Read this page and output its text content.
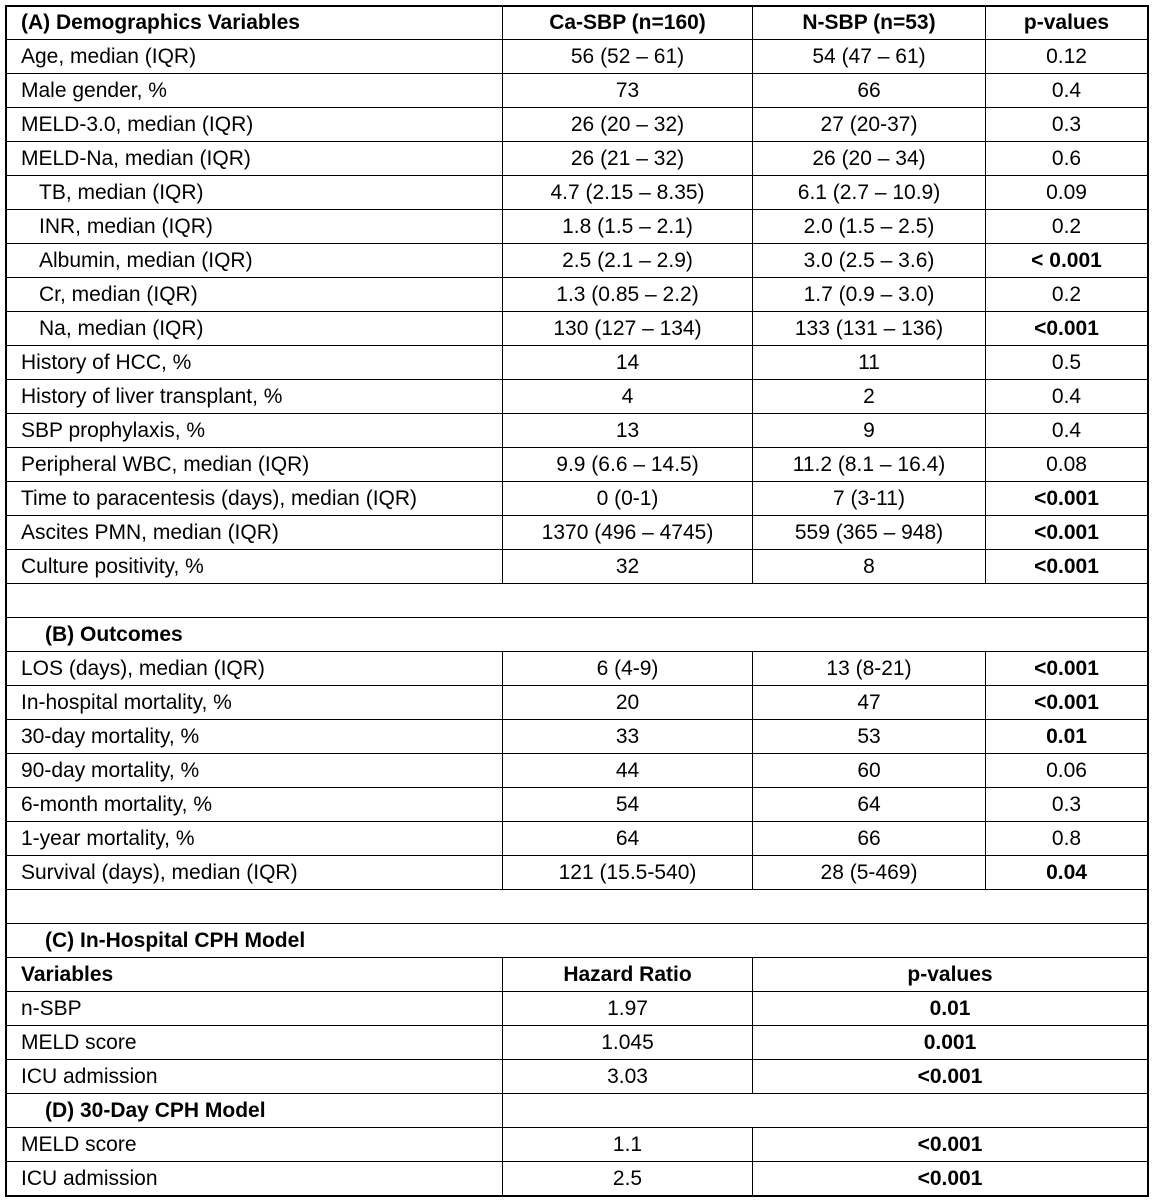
(A) Demographics Variables	Ca-SBP (n=160)	N-SBP (n=53)	p-values
Age, median (IQR)	56 (52 – 61)	54 (47 – 61)	0.12
Male gender, %	73	66	0.4
MELD-3.0, median (IQR)	26 (20 – 32)	27 (20-37)	0.3
MELD-Na, median (IQR)	26 (21 – 32)	26 (20 – 34)	0.6
TB, median (IQR)	4.7 (2.15 – 8.35)	6.1 (2.7 – 10.9)	0.09
INR, median (IQR)	1.8 (1.5 – 2.1)	2.0 (1.5 – 2.5)	0.2
Albumin, median (IQR)	2.5 (2.1 – 2.9)	3.0 (2.5 – 3.6)	< 0.001
Cr, median (IQR)	1.3 (0.85 – 2.2)	1.7 (0.9 – 3.0)	0.2
Na, median (IQR)	130 (127 – 134)	133 (131 – 136)	<0.001
History of HCC, %	14	11	0.5
History of liver transplant, %	4	2	0.4
SBP prophylaxis, %	13	9	0.4
Peripheral WBC, median (IQR)	9.9 (6.6 – 14.5)	11.2 (8.1 – 16.4)	0.08
Time to paracentesis (days), median (IQR)	0 (0-1)	7 (3-11)	<0.001
Ascites PMN, median (IQR)	1370 (496 – 4745)	559 (365 – 948)	<0.001
Culture positivity, %	32	8	<0.001
(B) Outcomes
LOS (days), median (IQR)	6 (4-9)	13 (8-21)	<0.001
In-hospital mortality, %	20	47	<0.001
30-day mortality, %	33	53	0.01
90-day mortality, %	44	60	0.06
6-month mortality, %	54	64	0.3
1-year mortality, %	64	66	0.8
Survival (days), median (IQR)	121 (15.5-540)	28 (5-469)	0.04
(C) In-Hospital CPH Model
Variables	Hazard Ratio	p-values
n-SBP	1.97	0.01
MELD score	1.045	0.001
ICU admission	3.03	<0.001
(D) 30-Day CPH Model
MELD score	1.1	<0.001
ICU admission	2.5	<0.001
